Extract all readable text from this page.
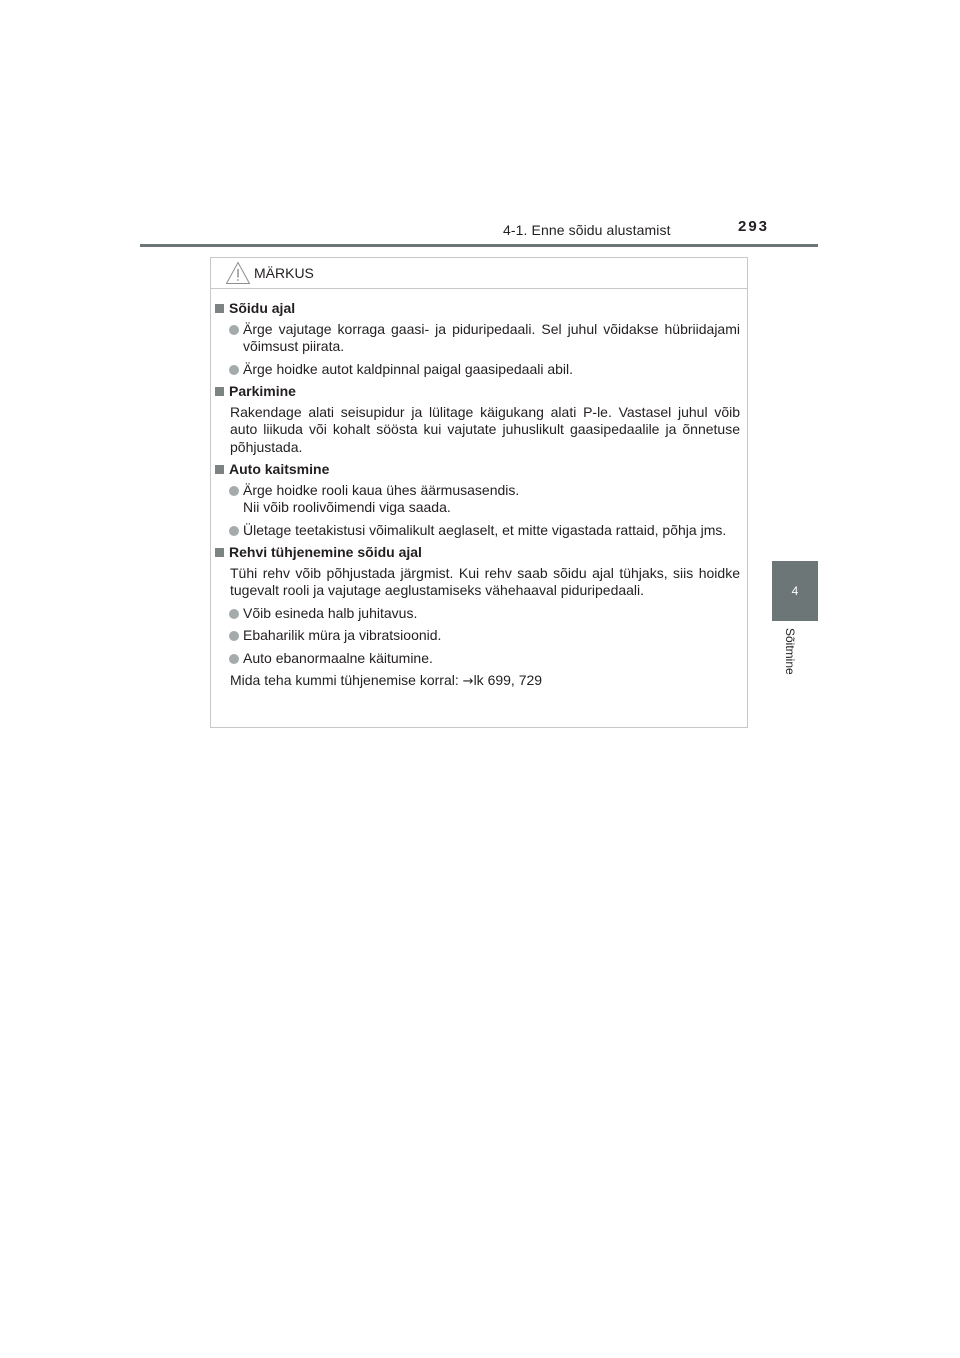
4-1. Enne sõidu alustamist	293
4
Sõitmine
MÄRKUS
Sõidu ajal
Ärge vajutage korraga gaasi- ja piduripedaali. Sel juhul võidakse hübriidajami võimsust piirata.
Ärge hoidke autot kaldpinnal paigal gaasipedaali abil.
Parkimine
Rakendage alati seisupidur ja lülitage käigukang alati P-le. Vastasel juhul võib auto liikuda või kohalt söösta kui vajutate juhuslikult gaasipedaalile ja õnnetuse põhjustada.
Auto kaitsmine
Ärge hoidke rooli kaua ühes äärmusasendis.
Nii võib roolivõimendi viga saada.
Ületage teetakistusi võimalikult aeglaselt, et mitte vigastada rattaid, põhja jms.
Rehvi tühjenemine sõidu ajal
Tühi rehv võib põhjustada järgmist. Kui rehv saab sõidu ajal tühjaks, siis hoidke tugevalt rooli ja vajutage aeglustamiseks vähehaaval piduripedaali.
Võib esineda halb juhitavus.
Ebaharilik müra ja vibratsioonid.
Auto ebanormaalne käitumine.
Mida teha kummi tühjenemise korral: →lk 699, 729
